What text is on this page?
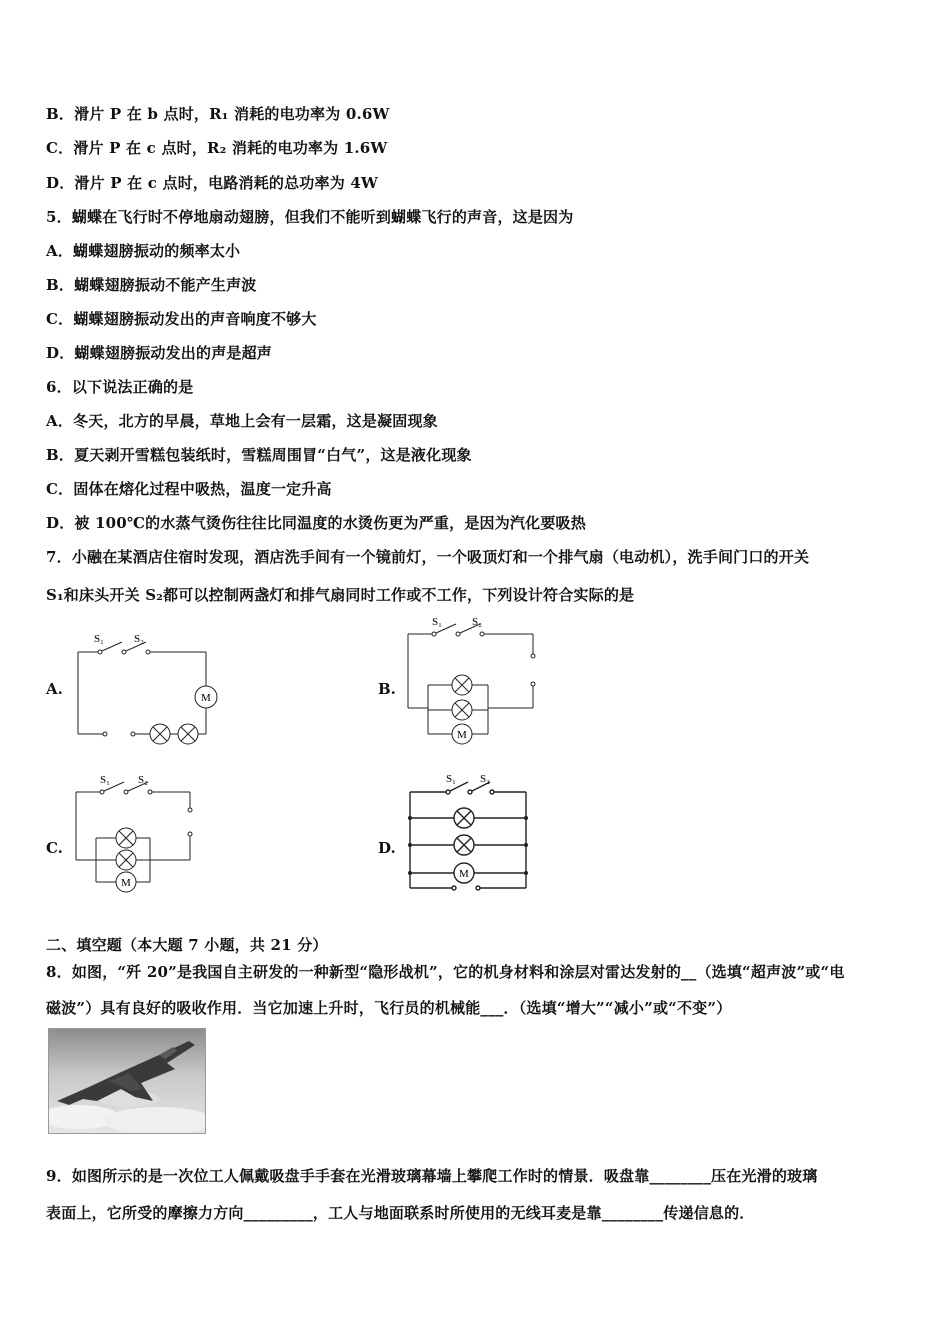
B．滑片 P 在 b 点时，R₁ 消耗的电功率为 0.6W
C．滑片 P 在 c 点时，R₂ 消耗的电功率为 1.6W
D．滑片 P 在 c 点时，电路消耗的总功率为 4W
5．蝴蝶在飞行时不停地扇动翅膀，但我们不能听到蝴蝶飞行的声音，这是因为
A．蝴蝶翅膀振动的频率太小
B．蝴蝶翅膀振动不能产生声波
C．蝴蝶翅膀振动发出的声音响度不够大
D．蝴蝶翅膀振动发出的声是超声
6．以下说法正确的是
A．冬天，北方的早晨，草地上会有一层霜，这是凝固现象
B．夏天剥开雪糕包装纸时，雪糕周围冒“白气”，这是液化现象
C．固体在熔化过程中吸热，温度一定升高
D．被 100℃的水蒸气烫伤往往比同温度的水烫伤更为严重，是因为汽化要吸热
7．小融在某酒店住宿时发现，酒店洗手间有一个镜前灯，一个吸顶灯和一个排气扇（电动机），洗手间门口的开关
S₁和床头开关 S₂都可以控制两盏灯和排气扇同时工作或不工作，下列设计符合实际的是
A.	B.
C.	D.
S₁	S₂
M
S₁	S₂
M
S₁	S₂
M
S₁ S₂
M
二、填空题（本大题 7 小题，共 21 分）
8．如图，“歼 20”是我国自主研发的一种新型“隐形战机”，它的机身材料和涂层对雷达发射的__（选填“超声波”或“电
磁波”）具有良好的吸收作用．当它加速上升时，飞行员的机械能___．（选填“增大”“减小”或“不变”）
9．如图所示的是一次位工人佩戴吸盘手手套在光滑玻璃幕墙上攀爬工作时的情景．吸盘靠________压在光滑的玻璃
表面上，它所受的摩擦力方向_________，工人与地面联系时所使用的无线耳麦是靠________传递信息的．
